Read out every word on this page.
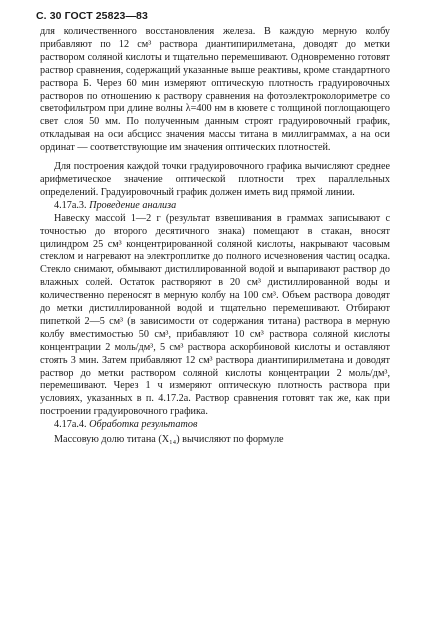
С. 30 ГОСТ 25823—83

для количественного восстановления железа. В каждую мерную колбу прибавляют по 12 см³ раствора диантипирилметана, доводят до метки раствором соляной кислоты и тщательно перемешивают. Одновременно готовят раствор сравнения, содержащий указанные выше реактивы, кроме стандартного раствора Б. Через 60 мин измеряют оптическую плотность градуировочных растворов по отношению к раствору сравнения на фотоэлектроколориметре со светофильтром при длине волны λ=400 нм в кювете с толщиной поглощающего свет слоя 50 мм. По полученным данным строят градуировочный график, откладывая на оси абсцисс значения массы титана в миллиграммах, а на оси ординат — соответствующие им значения оптических плотностей.

Для построения каждой точки градуировочного графика вычисляют среднее арифметическое значение оптической плотности трех параллельных определений. Градуировочный график должен иметь вид прямой линии.

4.17а.3. Проведение анализа

Навеску массой 1—2 г (результат взвешивания в граммах записывают с точностью до второго десятичного знака) помещают в стакан, вносят цилиндром 25 см³ концентрированной соляной кислоты, накрывают часовым стеклом и нагревают на электроплитке до полного исчезновения частиц осадка. Стекло снимают, обмывают дистиллированной водой и выпаривают раствор до влажных солей. Остаток растворяют в 20 см³ дистиллированной воды и количественно переносят в мерную колбу на 100 см³. Объем раствора доводят до метки дистиллированной водой и тщательно перемешивают. Отбирают пипеткой 2—5 см³ (в зависимости от содержания титана) раствора в мерную колбу вместимостью 50 см³, прибавляют 10 см³ раствора соляной кислоты концентрации 2 моль/дм³, 5 см³ раствора аскорбиновой кислоты и оставляют стоять 3 мин. Затем прибавляют 12 см³ раствора диантипирилметана и доводят раствор до метки раствором соляной кислоты концентрации 2 моль/дм³, перемешивают. Через 1 ч измеряют оптическую плотность раствора при условиях, указанных в п. 4.17.2а. Раствор сравнения готовят так же, как при построении градуировочного графика.

4.17а.4. Обработка результатов

Массовую долю титана (X₁₄) вычисляют по формуле
